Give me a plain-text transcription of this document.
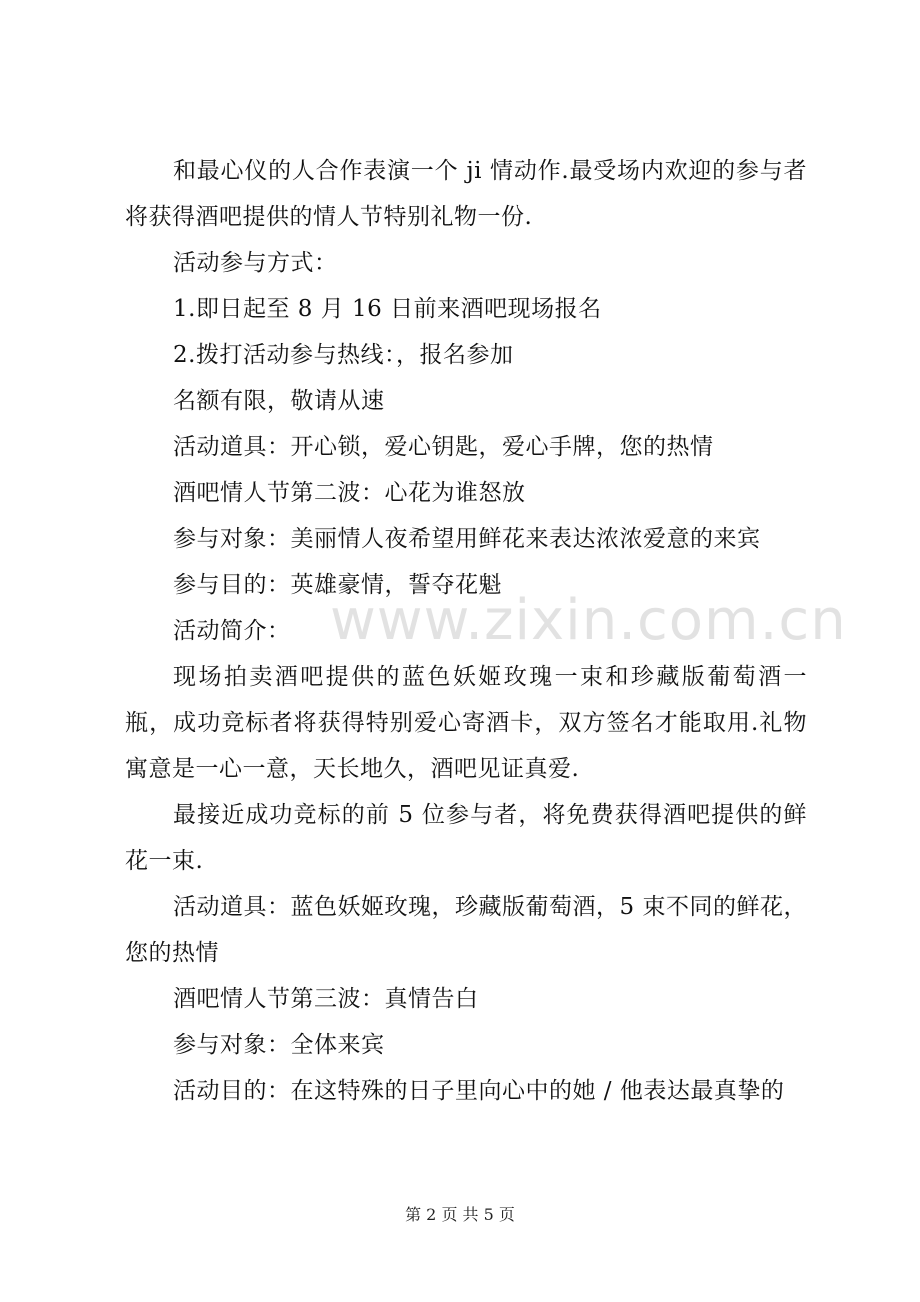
和最心仪的人合作表演一个 ji 情动作.最受场内欢迎的参与者将获得酒吧提供的情人节特别礼物一份.

活动参与方式：

1.即日起至 8 月 16 日前来酒吧现场报名

2.拨打活动参与热线：，报名参加

名额有限，敬请从速

活动道具：开心锁，爱心钥匙，爱心手牌，您的热情

酒吧情人节第二波：心花为谁怒放

参与对象：美丽情人夜希望用鲜花来表达浓浓爱意的来宾

参与目的：英雄豪情，誓夺花魁

活动简介：

现场拍卖酒吧提供的蓝色妖姬玫瑰一束和珍藏版葡萄酒一瓶，成功竞标者将获得特别爱心寄酒卡，双方签名才能取用.礼物寓意是一心一意，天长地久，酒吧见证真爱.

最接近成功竞标的前 5 位参与者，将免费获得酒吧提供的鲜花一束.

活动道具：蓝色妖姬玫瑰，珍藏版葡萄酒，5 束不同的鲜花，您的热情

酒吧情人节第三波：真情告白

参与对象：全体来宾

活动目的：在这特殊的日子里向心中的她 / 他表达最真挚的

www.zixin.com.cn
第 2 页 共 5 页
